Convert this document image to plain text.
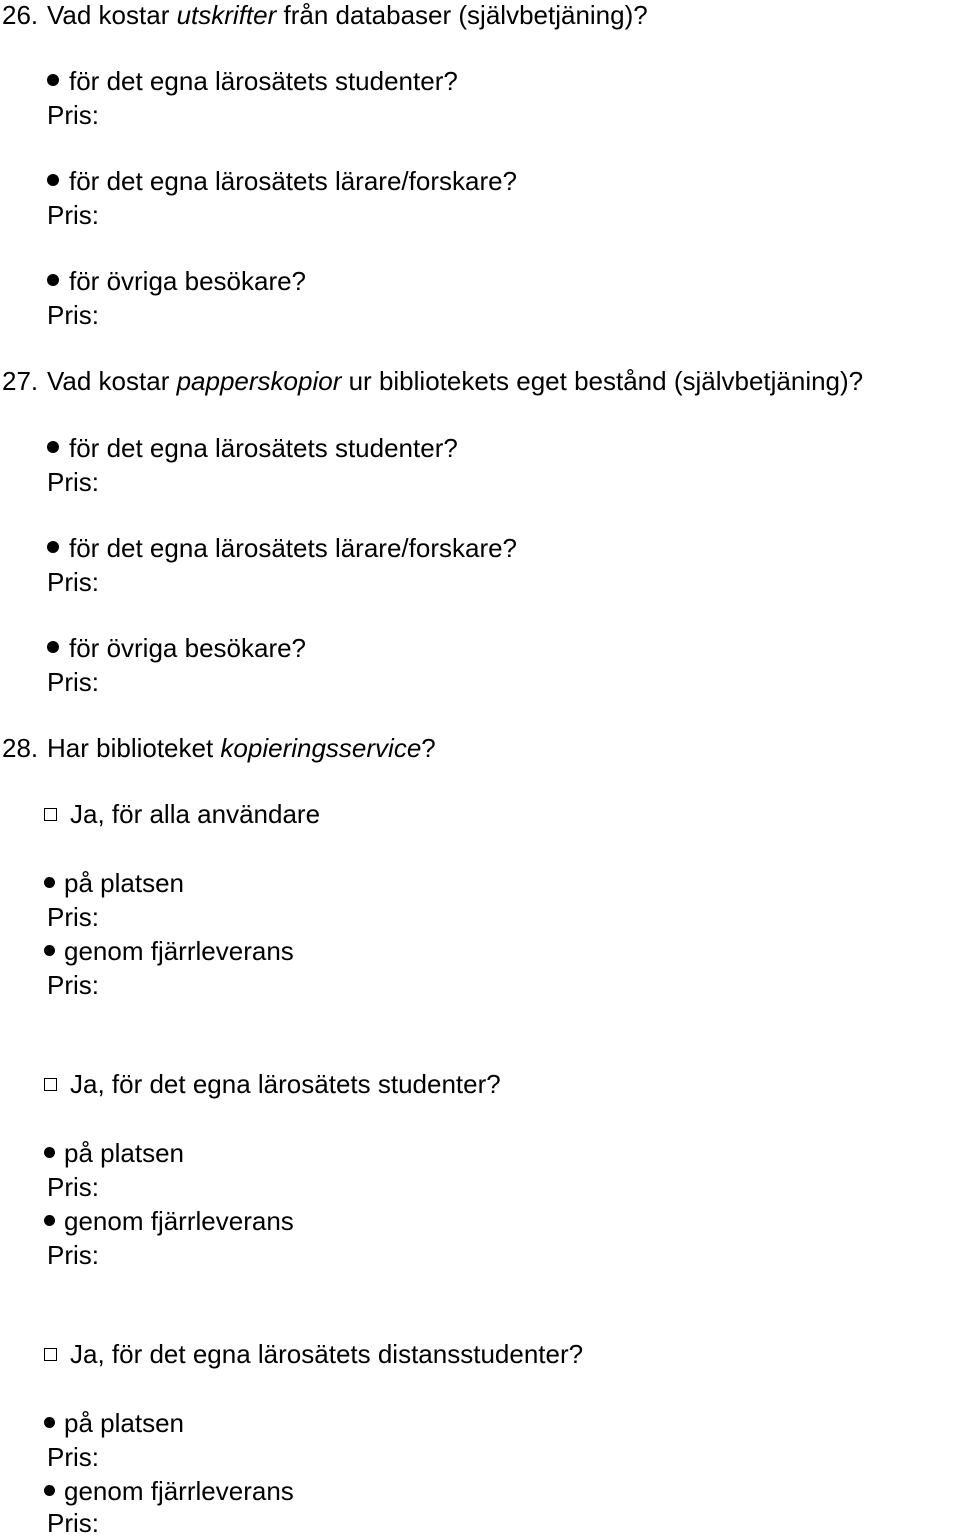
26. Vad kostar utskrifter från databaser (självbetjäning)?
för det egna lärosätets studenter?
Pris:
för det egna lärosätets lärare/forskare?
Pris:
för övriga besökare?
Pris:
27. Vad kostar papperskopior ur bibliotekets eget bestånd (självbetjäning)?
för det egna lärosätets studenter?
Pris:
för det egna lärosätets lärare/forskare?
Pris:
för övriga besökare?
Pris:
28. Har biblioteket kopieringsservice?
Ja, för alla användare
på platsen
Pris:
genom fjärrleverans
Pris:
Ja, för det egna lärosätets studenter?
på platsen
Pris:
genom fjärrleverans
Pris:
Ja, för det egna lärosätets distansstudenter?
på platsen
Pris:
genom fjärrleverans
Pris:
